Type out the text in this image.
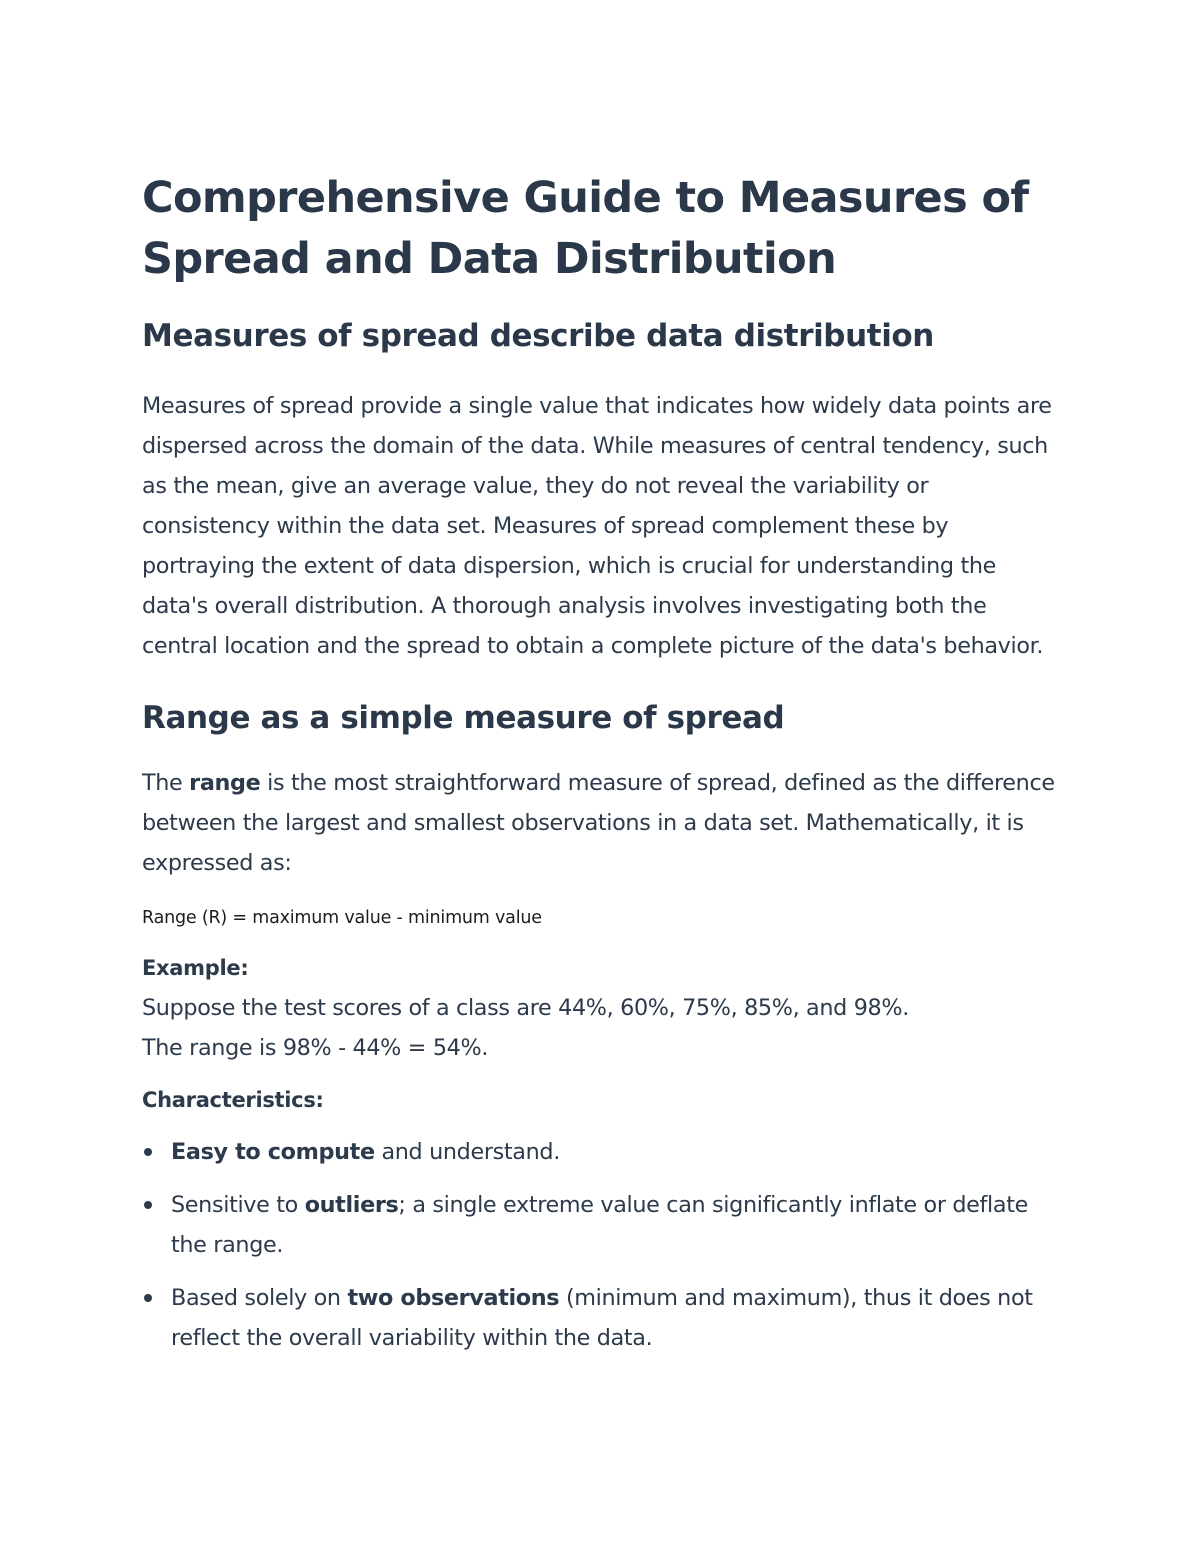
Comprehensive Guide to Measures of Spread and Data Distribution
Measures of spread describe data distribution

Measures of spread provide a single value that indicates how widely data points are dispersed across the domain of the data. While measures of central tendency, such as the mean, give an average value, they do not reveal the variability or consistency within the data set. Measures of spread complement these by portraying the extent of data dispersion, which is crucial for understanding the data's overall distribution. A thorough analysis involves investigating both the central location and the spread to obtain a complete picture of the data's behavior.

Range as a simple measure of spread

The range is the most straightforward measure of spread, defined as the difference between the largest and smallest observations in a data set. Mathematically, it is expressed as:

Range (R) = maximum value - minimum value
Example:

Suppose the test scores of a class are 44%, 60%, 75%, 85%, and 98%.

The range is 98% - 44% = 54%.

Characteristics:
Easy to compute and understand.
Sensitive to outliers; a single extreme value can significantly inflate or deflate the range.
Based solely on two observations (minimum and maximum), thus it does not reflect the overall variability within the data.
